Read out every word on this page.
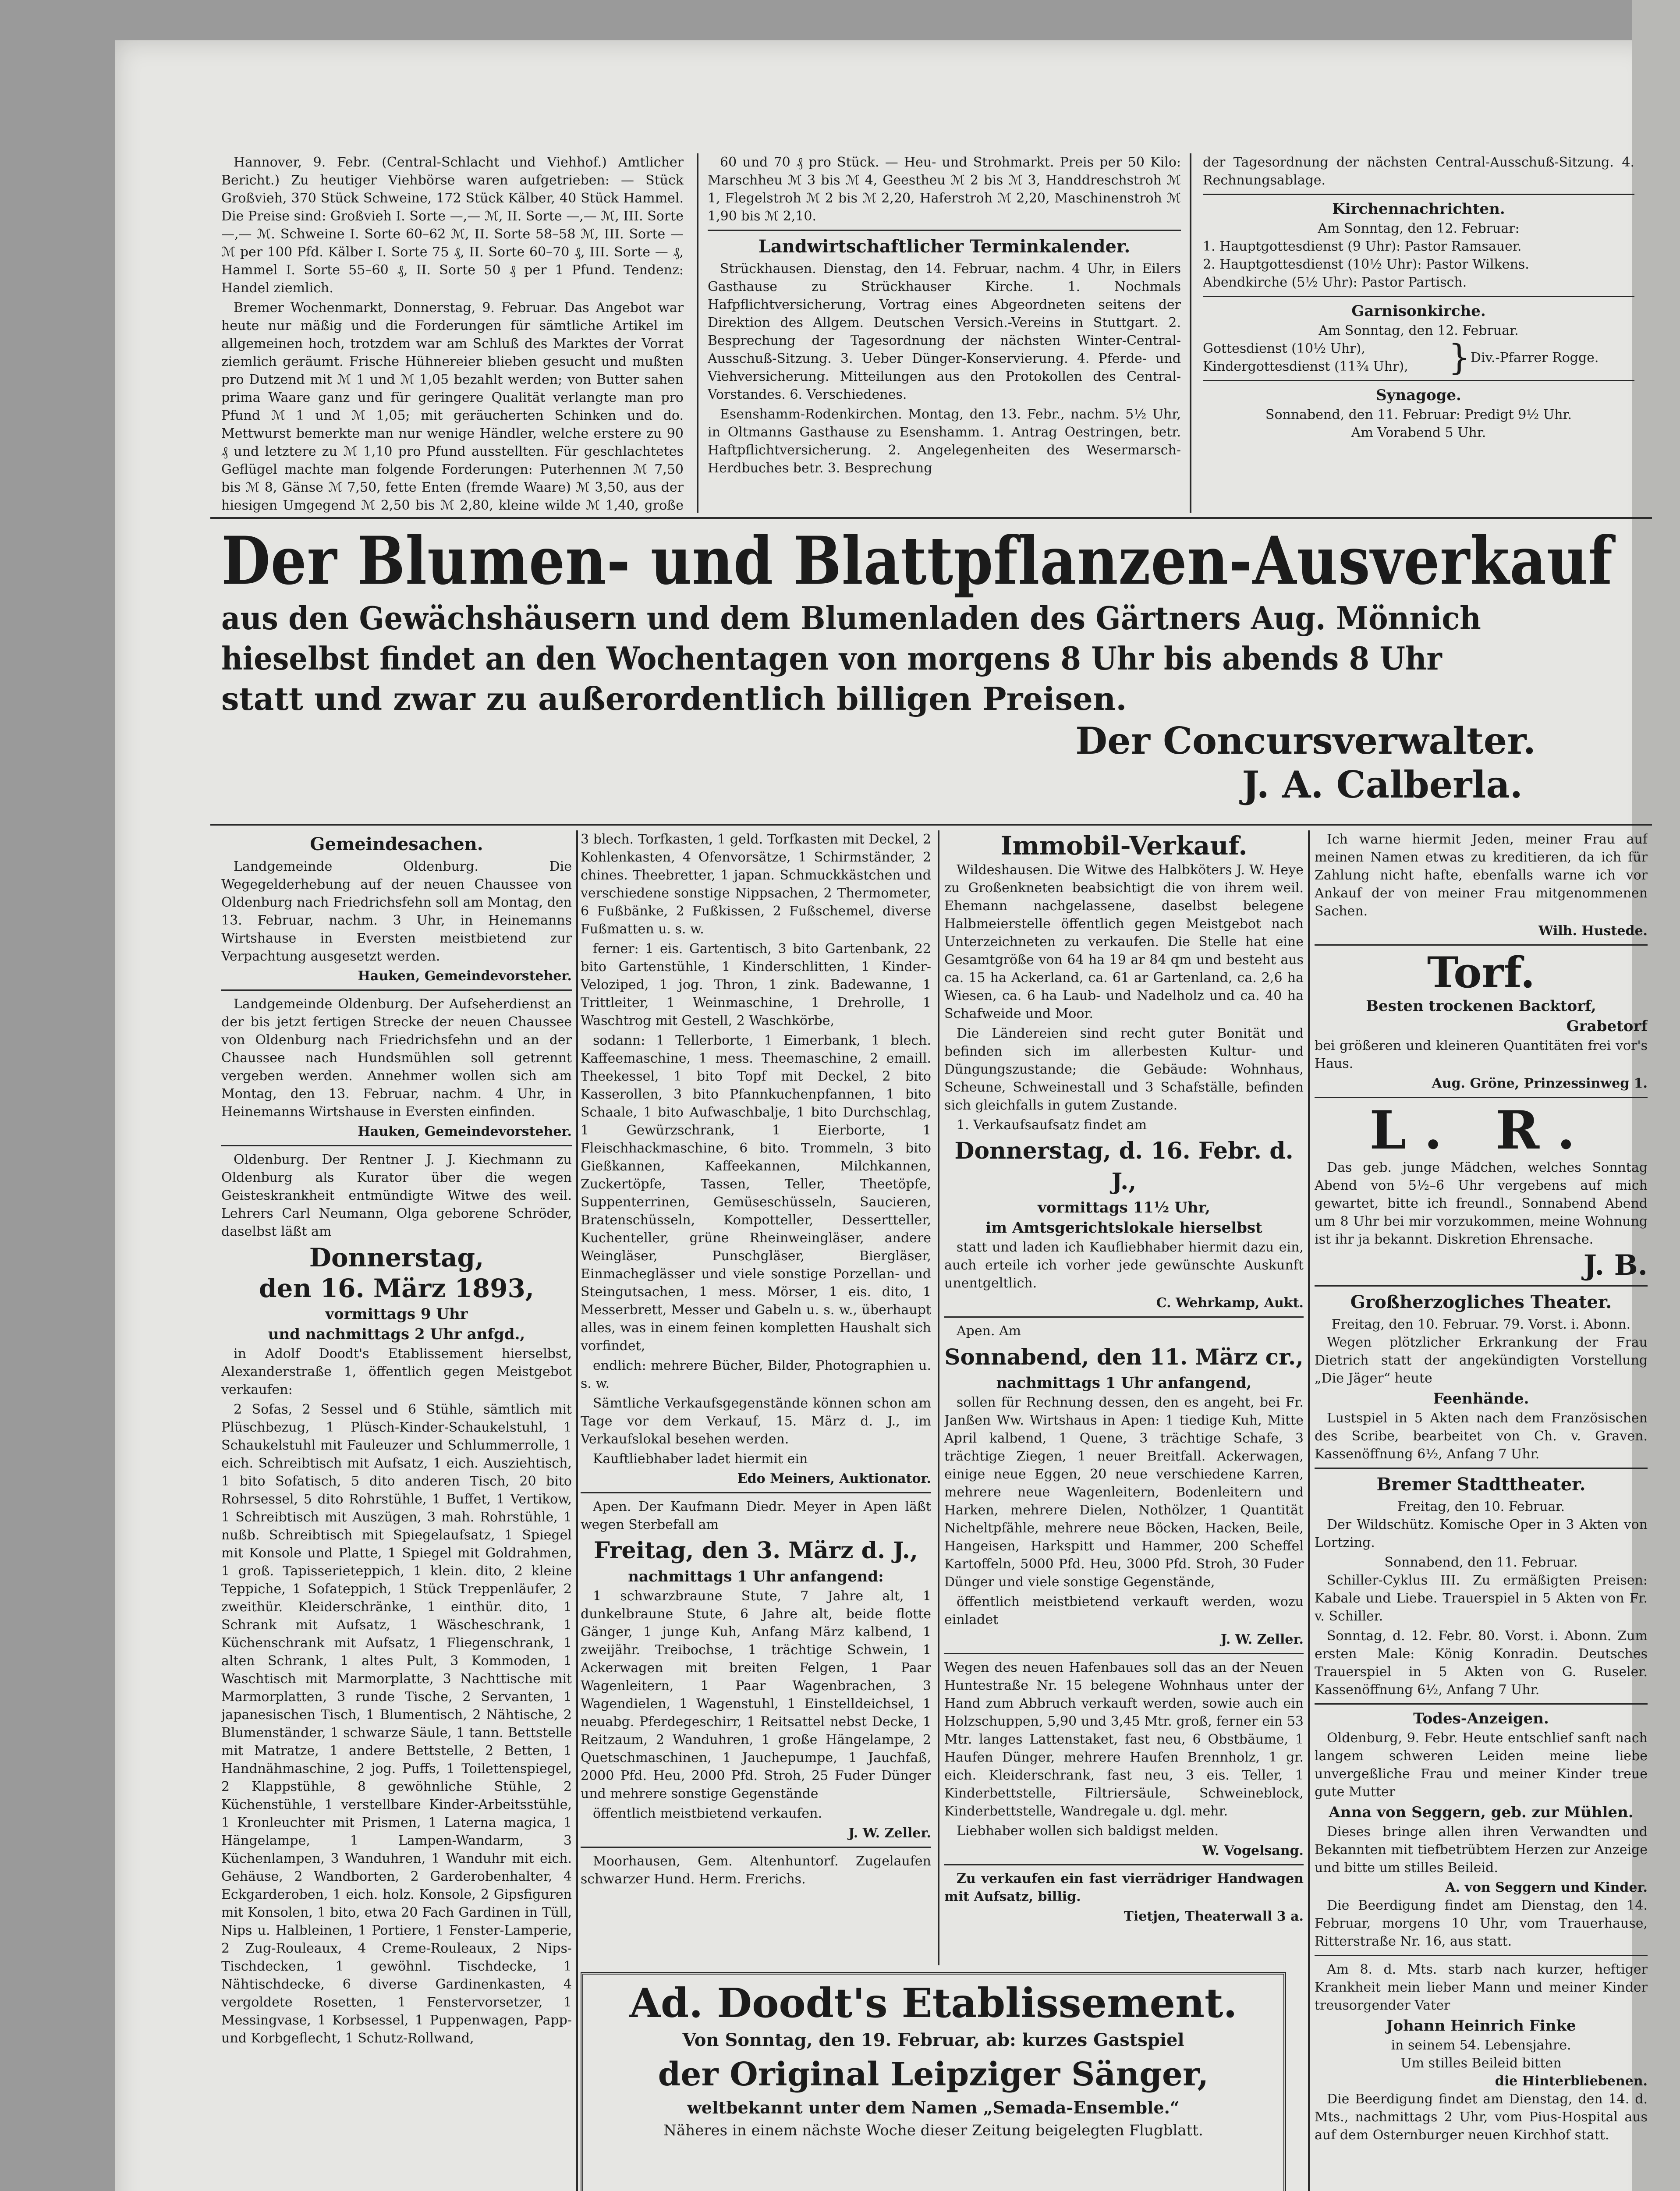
Hannover, 9. Febr. (Central-Schlacht und Viehhof.) Amtlicher Bericht.) Zu heutiger Viehbörse waren aufgetrieben: — Stück Großvieh, 370 Stück Schweine, 172 Stück Kälber, 40 Stück Hammel. Die Preise sind: Großvieh I. Sorte —,— ℳ, II. Sorte —,— ℳ, III. Sorte —,— ℳ. Schweine I. Sorte 60–62 ℳ, II. Sorte 58–58 ℳ, III. Sorte — ℳ per 100 Pfd. Kälber I. Sorte 75 ₰, II. Sorte 60–70 ₰, III. Sorte — ₰, Hammel I. Sorte 55–60 ₰, II. Sorte 50 ₰ per 1 Pfund. Tendenz: Handel ziemlich.

Bremer Wochenmarkt, Donnerstag, 9. Februar. Das Angebot war heute nur mäßig und die Forderungen für sämtliche Artikel im allgemeinen hoch, trotzdem war am Schluß des Marktes der Vorrat ziemlich geräumt. Frische Hühnereier blieben gesucht und mußten pro Dutzend mit ℳ 1 und ℳ 1,05 bezahlt werden; von Butter sahen prima Waare ganz und für geringere Qualität verlangte man pro Pfund ℳ 1 und ℳ 1,05; mit geräucherten Schinken und do. Mettwurst bemerkte man nur wenige Händler, welche erstere zu 90 ₰ und letztere zu ℳ 1,10 pro Pfund ausstellten. Für geschlachtetes Geflügel machte man folgende Forderungen: Puterhennen ℳ 7,50 bis ℳ 8, Gänse ℳ 7,50, fette Enten (fremde Waare) ℳ 3,50, aus der hiesigen Umgegend ℳ 2,50 bis ℳ 2,80, kleine wilde ℳ 1,40, große

60 und 70 ₰ pro Stück. — Heu- und Strohmarkt. Preis per 50 Kilo: Marschheu ℳ 3 bis ℳ 4, Geestheu ℳ 2 bis ℳ 3, Handdreschstroh ℳ 1, Flegelstroh ℳ 2 bis ℳ 2,20, Haferstroh ℳ 2,20, Maschinenstroh ℳ 1,90 bis ℳ 2,10.

Landwirtschaftlicher Terminkalender.

Strückhausen. Dienstag, den 14. Februar, nachm. 4 Uhr, in Eilers Gasthause zu Strückhauser Kirche. 1. Nochmals Hafpflichtversicherung, Vortrag eines Abgeordneten seitens der Direktion des Allgem. Deutschen Versich.-Vereins in Stuttgart. 2. Besprechung der Tagesordnung der nächsten Winter-Central-Ausschuß-Sitzung. 3. Ueber Dünger-Konservierung. 4. Pferde- und Viehversicherung. Mitteilungen aus den Protokollen des Central-Vorstandes. 6. Verschiedenes.

Esenshamm-Rodenkirchen. Montag, den 13. Febr., nachm. 5½ Uhr, in Oltmanns Gasthause zu Esenshamm. 1. Antrag Oestringen, betr. Haftpflichtversicherung. 2. Angelegenheiten des Wesermarsch-Herdbuches betr. 3. Besprechung

der Tagesordnung der nächsten Central-Ausschuß-Sitzung. 4. Rechnungsablage.

Kirchennachrichten.
Am Sonntag, den 12. Februar:
1. Hauptgottesdienst (9 Uhr): Pastor Ramsauer.
2. Hauptgottesdienst (10½ Uhr): Pastor Wilkens.
Abendkirche (5½ Uhr): Pastor Partisch.
Garnisonkirche.
Am Sonntag, den 12. Februar.
Gottesdienst (10½ Uhr),
Kindergottesdienst (11¾ Uhr),	} Div.-Pfarrer Rogge.
Synagoge.
Sonnabend, den 11. Februar: Predigt 9½ Uhr.
Am Vorabend 5 Uhr.
Der Blumen- und Blattpflanzen-Ausverkauf
aus den Gewächshäusern und dem Blumenladen des Gärtners Aug. Mönnich
hieselbst findet an den Wochentagen von morgens 8 Uhr bis abends 8 Uhr
statt und zwar zu außerordentlich billigen Preisen.
Der Concursverwalter.
J. A. Calberla.
Gemeindesachen.

Landgemeinde Oldenburg. Die Wegegelderhebung auf der neuen Chaussee von Oldenburg nach Friedrichsfehn soll am Montag, den 13. Februar, nachm. 3 Uhr, in Heinemanns Wirtshause in Eversten meistbietend zur Verpachtung ausgesetzt werden.

Hauken, Gemeindevorsteher.

Landgemeinde Oldenburg. Der Aufseherdienst an der bis jetzt fertigen Strecke der neuen Chaussee von Oldenburg nach Friedrichsfehn und an der Chaussee nach Hundsmühlen soll getrennt vergeben werden. Annehmer wollen sich am Montag, den 13. Februar, nachm. 4 Uhr, in Heinemanns Wirtshause in Eversten einfinden.

Hauken, Gemeindevorsteher.

Oldenburg. Der Rentner J. J. Kiechmann zu Oldenburg als Kurator über die wegen Geisteskrankheit entmündigte Witwe des weil. Lehrers Carl Neumann, Olga geborene Schröder, daselbst läßt am

Donnerstag,
den 16. März 1893,
vormittags 9 Uhr
und nachmittags 2 Uhr anfgd.,

in Adolf Doodt's Etablissement hierselbst, Alexanderstraße 1, öffentlich gegen Meistgebot verkaufen:

2 Sofas, 2 Sessel und 6 Stühle, sämtlich mit Plüschbezug, 1 Plüsch-Kinder-Schaukelstuhl, 1 Schaukelstuhl mit Fauleuzer und Schlummerrolle, 1 eich. Schreibtisch mit Aufsatz, 1 eich. Ausziehtisch, 1 bito Sofatisch, 5 dito anderen Tisch, 20 bito Rohrsessel, 5 dito Rohrstühle, 1 Buffet, 1 Vertikow, 1 Schreibtisch mit Auszügen, 3 mah. Rohrstühle, 1 nußb. Schreibtisch mit Spiegelaufsatz, 1 Spiegel mit Konsole und Platte, 1 Spiegel mit Goldrahmen, 1 groß. Tapisserieteppich, 1 klein. dito, 2 kleine Teppiche, 1 Sofateppich, 1 Stück Treppenläufer, 2 zweithür. Kleiderschränke, 1 einthür. dito, 1 Schrank mit Aufsatz, 1 Wäscheschrank, 1 Küchenschrank mit Aufsatz, 1 Fliegenschrank, 1 alten Schrank, 1 altes Pult, 3 Kommoden, 1 Waschtisch mit Marmorplatte, 3 Nachttische mit Marmorplatten, 3 runde Tische, 2 Servanten, 1 japanesischen Tisch, 1 Blumentisch, 2 Nähtische, 2 Blumenständer, 1 schwarze Säule, 1 tann. Bettstelle mit Matratze, 1 andere Bettstelle, 2 Betten, 1 Handnähmaschine, 2 jog. Puffs, 1 Toilettenspiegel, 2 Klappstühle, 8 gewöhnliche Stühle, 2 Küchenstühle, 1 verstellbare Kinder-Arbeitsstühle, 1 Kronleuchter mit Prismen, 1 Laterna magica, 1 Hängelampe, 1 Lampen-Wandarm, 3 Küchenlampen, 3 Wanduhren, 1 Wanduhr mit eich. Gehäuse, 2 Wandborten, 2 Garderobenhalter, 4 Eckgarderoben, 1 eich. holz. Konsole, 2 Gipsfiguren mit Konsolen, 1 bito, etwa 20 Fach Gardinen in Tüll, Nips u. Halbleinen, 1 Portiere, 1 Fenster-Lamperie, 2 Zug-Rouleaux, 4 Creme-Rouleaux, 2 Nips-Tischdecken, 1 gewöhnl. Tischdecke, 1 Nähtischdecke, 6 diverse Gardinenkasten, 4 vergoldete Rosetten, 1 Fenstervorsetzer, 1 Messingvase, 1 Korbsessel, 1 Puppenwagen, Papp- und Korbgeflecht, 1 Schutz-Rollwand,

3 blech. Torfkasten, 1 geld. Torfkasten mit Deckel, 2 Kohlenkasten, 4 Ofenvorsätze, 1 Schirmständer, 2 chines. Theebretter, 1 japan. Schmuckkästchen und verschiedene sonstige Nippsachen, 2 Thermometer, 6 Fußbänke, 2 Fußkissen, 2 Fußschemel, diverse Fußmatten u. s. w.

ferner: 1 eis. Gartentisch, 3 bito Gartenbank, 22 bito Gartenstühle, 1 Kinderschlitten, 1 Kinder-Veloziped, 1 jog. Thron, 1 zink. Badewanne, 1 Trittleiter, 1 Weinmaschine, 1 Drehrolle, 1 Waschtrog mit Gestell, 2 Waschkörbe,

sodann: 1 Tellerborte, 1 Eimerbank, 1 blech. Kaffeemaschine, 1 mess. Theemaschine, 2 emaill. Theekessel, 1 bito Topf mit Deckel, 2 bito Kasserollen, 3 bito Pfannkuchenpfannen, 1 bito Schaale, 1 bito Aufwaschbalje, 1 bito Durchschlag, 1 Gewürzschrank, 1 Eierborte, 1 Fleischhackmaschine, 6 bito. Trommeln, 3 bito Gießkannen, Kaffeekannen, Milchkannen, Zuckertöpfe, Tassen, Teller, Theetöpfe, Suppenterrinen, Gemüseschüsseln, Saucieren, Bratenschüsseln, Kompotteller, Dessertteller, Kuchenteller, grüne Rheinweingläser, andere Weingläser, Punschgläser, Biergläser, Einmacheglässer und viele sonstige Porzellan- und Steingutsachen, 1 mess. Mörser, 1 eis. dito, 1 Messerbrett, Messer und Gabeln u. s. w., überhaupt alles, was in einem feinen kompletten Haushalt sich vorfindet,

endlich: mehrere Bücher, Bilder, Photographien u. s. w.

Sämtliche Verkaufsgegenstände können schon am Tage vor dem Verkauf, 15. März d. J., im Verkaufslokal besehen werden.

Kauftliebhaber ladet hiermit ein

Edo Meiners, Auktionator.

Apen. Der Kaufmann Diedr. Meyer in Apen läßt wegen Sterbefall am

Freitag, den 3. März d. J.,
nachmittags 1 Uhr anfangend:

1 schwarzbraune Stute, 7 Jahre alt, 1 dunkelbraune Stute, 6 Jahre alt, beide flotte Gänger, 1 junge Kuh, Anfang März kalbend, 1 zweijähr. Treibochse, 1 trächtige Schwein, 1 Ackerwagen mit breiten Felgen, 1 Paar Wagenleitern, 1 Paar Wagenbrachen, 3 Wagendielen, 1 Wagenstuhl, 1 Einstelldeichsel, 1 neuabg. Pferdegeschirr, 1 Reitsattel nebst Decke, 1 Reitzaum, 2 Wanduhren, 1 große Hängelampe, 2 Quetschmaschinen, 1 Jauchepumpe, 1 Jauchfaß, 2000 Pfd. Heu, 2000 Pfd. Stroh, 25 Fuder Dünger und mehrere sonstige Gegenstände

öffentlich meistbietend verkaufen.

J. W. Zeller.

Moorhausen, Gem. Altenhuntorf. Zugelaufen schwarzer Hund. Herm. Frerichs.

Immobil-Verkauf.

Wildeshausen. Die Witwe des Halbköters J. W. Heye zu Großenkneten beabsichtigt die von ihrem weil. Ehemann nachgelassene, daselbst belegene Halbmeierstelle öffentlich gegen Meistgebot nach Unterzeichneten zu verkaufen. Die Stelle hat eine Gesamtgröße von 64 ha 19 ar 84 qm und besteht aus ca. 15 ha Ackerland, ca. 61 ar Gartenland, ca. 2,6 ha Wiesen, ca. 6 ha Laub- und Nadelholz und ca. 40 ha Schafweide und Moor.

Die Ländereien sind recht guter Bonität und befinden sich im allerbesten Kultur- und Düngungszustande; die Gebäude: Wohnhaus, Scheune, Schweinestall und 3 Schafställe, befinden sich gleichfalls in gutem Zustande.

1. Verkaufsaufsatz findet am

Donnerstag, d. 16. Febr. d. J.,
vormittags 11½ Uhr,
im Amtsgerichtslokale hierselbst

statt und laden ich Kaufliebhaber hiermit dazu ein, auch erteile ich vorher jede gewünschte Auskunft unentgeltlich.

C. Wehrkamp, Aukt.

Apen. Am

Sonnabend, den 11. März cr.,
nachmittags 1 Uhr anfangend,

sollen für Rechnung dessen, den es angeht, bei Fr. Janßen Ww. Wirtshaus in Apen: 1 tiedige Kuh, Mitte April kalbend, 1 Quene, 3 trächtige Schafe, 3 trächtige Ziegen, 1 neuer Breitfall. Ackerwagen, einige neue Eggen, 20 neue verschiedene Karren, mehrere neue Wagenleitern, Bodenleitern und Harken, mehrere Dielen, Nothölzer, 1 Quantität Nicheltpfähle, mehrere neue Böcken, Hacken, Beile, Hangeisen, Harkspitt und Hammer, 200 Scheffel Kartoffeln, 5000 Pfd. Heu, 3000 Pfd. Stroh, 30 Fuder Dünger und viele sonstige Gegenstände,

öffentlich meistbietend verkauft werden, wozu einladet

J. W. Zeller.

Wegen des neuen Hafenbaues soll das an der Neuen Huntestraße Nr. 15 belegene Wohnhaus unter der Hand zum Abbruch verkauft werden, sowie auch ein Holzschuppen, 5,90 und 3,45 Mtr. groß, ferner ein 53 Mtr. langes Lattenstaket, fast neu, 6 Obstbäume, 1 Haufen Dünger, mehrere Haufen Brennholz, 1 gr. eich. Kleiderschrank, fast neu, 3 eis. Teller, 1 Kinderbettstelle, Filtriersäule, Schweineblock, Kinderbettstelle, Wandregale u. dgl. mehr.

Liebhaber wollen sich baldigst melden.

W. Vogelsang.

Zu verkaufen ein fast vierrädriger Handwagen mit Aufsatz, billig.

Tietjen, Theaterwall 3 a.

Ich warne hiermit Jeden, meiner Frau auf meinen Namen etwas zu kreditieren, da ich für Zahlung nicht hafte, ebenfalls warne ich vor Ankauf der von meiner Frau mitgenommenen Sachen.

Wilh. Hustede.
Torf.
Besten trockenen Backtorf,
Grabetorf

bei größeren und kleineren Quantitäten frei vor's Haus.

Aug. Gröne, Prinzessinweg 1.
L. R.

Das geb. junge Mädchen, welches Sonntag Abend von 5½–6 Uhr vergebens auf mich gewartet, bitte ich freundl., Sonnabend Abend um 8 Uhr bei mir vorzukommen, meine Wohnung ist ihr ja bekannt. Diskretion Ehrensache.

J. B.
Großherzogliches Theater.
Freitag, den 10. Februar. 79. Vorst. i. Abonn.

Wegen plötzlicher Erkrankung der Frau Dietrich statt der angekündigten Vorstellung „Die Jäger“ heute

Feenhände.

Lustspiel in 5 Akten nach dem Französischen des Scribe, bearbeitet von Ch. v. Graven. Kassenöffnung 6½, Anfang 7 Uhr.

Bremer Stadttheater.
Freitag, den 10. Februar.

Der Wildschütz. Komische Oper in 3 Akten von Lortzing.

Sonnabend, den 11. Februar.

Schiller-Cyklus III. Zu ermäßigten Preisen: Kabale und Liebe. Trauerspiel in 5 Akten von Fr. v. Schiller.

Sonntag, d. 12. Febr. 80. Vorst. i. Abonn. Zum ersten Male: König Konradin. Deutsches Trauerspiel in 5 Akten von G. Ruseler. Kassenöffnung 6½, Anfang 7 Uhr.

Todes-Anzeigen.

Oldenburg, 9. Febr. Heute entschlief sanft nach langem schweren Leiden meine liebe unvergeßliche Frau und meiner Kinder treue gute Mutter

Anna von Seggern, geb. zur Mühlen.

Dieses bringe allen ihren Verwandten und Bekannten mit tiefbetrübtem Herzen zur Anzeige und bitte um stilles Beileid.

A. von Seggern und Kinder.

Die Beerdigung findet am Dienstag, den 14. Februar, morgens 10 Uhr, vom Trauerhause, Ritterstraße Nr. 16, aus statt.

Am 8. d. Mts. starb nach kurzer, heftiger Krankheit mein lieber Mann und meiner Kinder treusorgender Vater

Johann Heinrich Finke
in seinem 54. Lebensjahre.
Um stilles Beileid bitten
die Hinterbliebenen.

Die Beerdigung findet am Dienstag, den 14. d. Mts., nachmittags 2 Uhr, vom Pius-Hospital aus auf dem Osternburger neuen Kirchhof statt.

Ad. Doodt's Etablissement.
Von Sonntag, den 19. Februar, ab: kurzes Gastspiel
der Original Leipziger Sänger,
weltbekannt unter dem Namen „Semada-Ensemble.“
Näheres in einem nächste Woche dieser Zeitung beigelegten Flugblatt.
